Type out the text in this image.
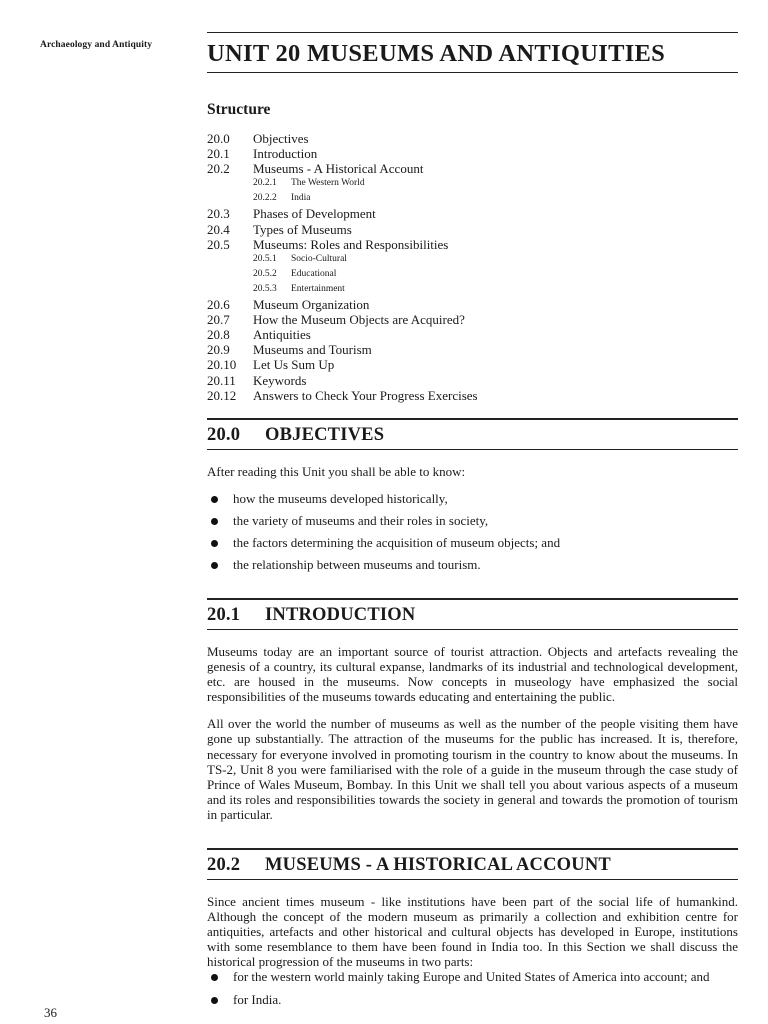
Archaeology and Antiquity UNIT 20 MUSEUMS AND ANTIQUITIES
Structure
20.0	Objectives
20.1	Introduction
20.2	Museums - A Historical Account
20.2.1	The Western World
20.2.2	India
20.3	Phases of Development
20.4	Types of Museums
20.5	Museums: Roles and Responsibilities
20.5.1	Socio-Cultural
20.5.2	Educational
20.5.3	Entertainment
20.6	Museum Organization
20.7	How the Museum Objects are Acquired?
20.8	Antiquities
20.9	Museums and Tourism
20.10	Let Us Sum Up
20.11	Keywords
20.12	Answers to Check Your Progress Exercises
20.0 OBJECTIVES

After reading this Unit you shall be able to know:

how the museums developed historically,
the variety of museums and their roles in society,
the factors determining the acquisition of museum objects; and
the relationship between museums and tourism.
20.1 INTRODUCTION

Museums today are an important source of tourist attraction. Objects and artefacts revealing the genesis of a country, its cultural expanse, landmarks of its industrial and technological development, etc. are housed in the museums. Now concepts in museology have emphasized the social responsibilities of the museums towards educating and entertaining the public.

All over the world the number of museums as well as the number of the people visiting them have gone up substantially. The attraction of the museums for the public has increased. It is, therefore, necessary for everyone involved in promoting tourism in the country to know about the museums. In TS-2, Unit 8 you were familiarised with the role of a guide in the museum through the case study of Prince of Wales Museum, Bombay. In this Unit we shall tell you about various aspects of a museum and its roles and responsibilities towards the society in general and towards the promotion of tourism in particular.

20.2 MUSEUMS - A HISTORICAL ACCOUNT

Since ancient times museum - like institutions have been part of the social life of humankind. Although the concept of the modern museum as primarily a collection and exhibition centre for antiquities, artefacts and other historical and cultural objects has developed in Europe, institutions with some resemblance to them have been found in India too. In this Section we shall discuss the historical progression of the museums in two parts:

for the western world mainly taking Europe and United States of America into account; and
for India.
36
